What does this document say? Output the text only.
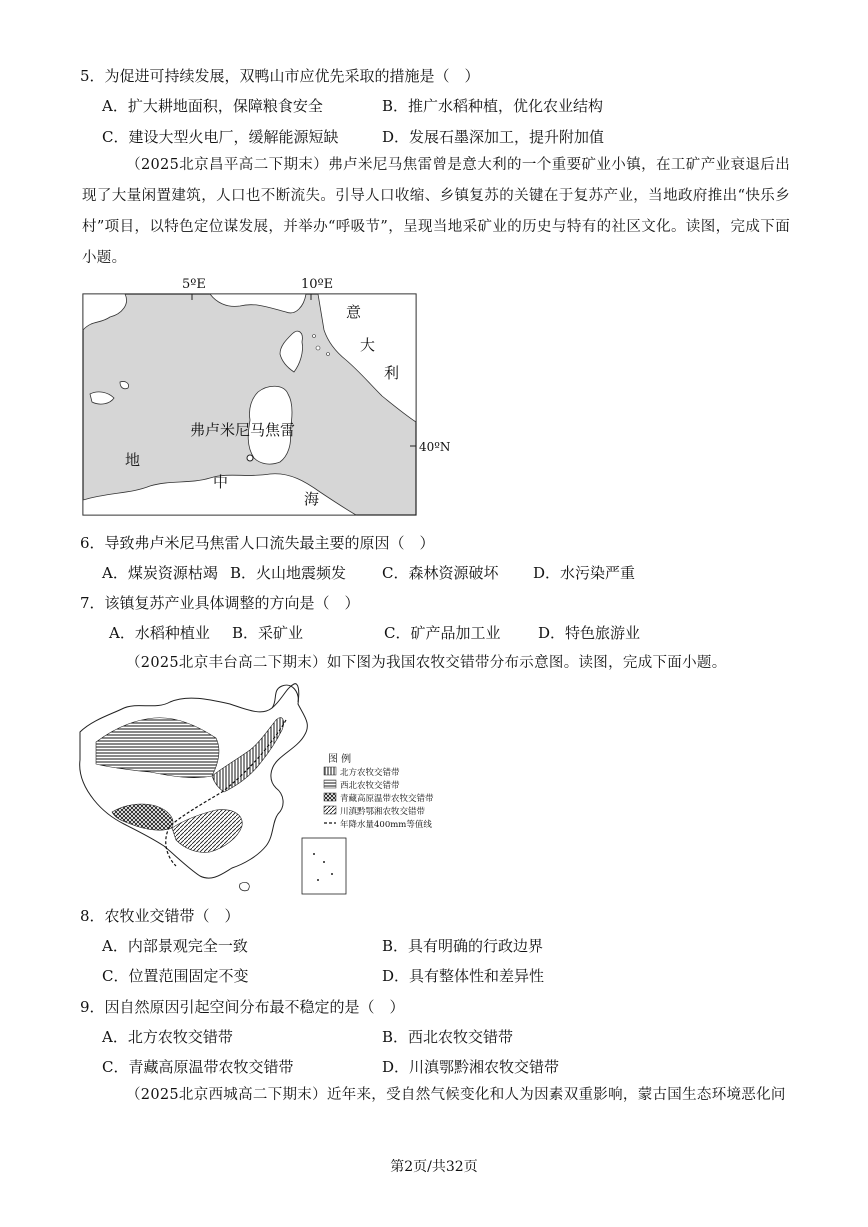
5．为促进可持续发展，双鸭山市应优先采取的措施是（　）
A．扩大耕地面积，保障粮食安全	B．推广水稻种植，优化农业结构
C．建设大型火电厂，缓解能源短缺	D．发展石墨深加工，提升附加值
（2025北京昌平高二下期末）弗卢米尼马焦雷曾是意大利的一个重要矿业小镇，在工矿产业衰退后出现了大量闲置建筑，人口也不断流失。引导人口收缩、乡镇复苏的关键在于复苏产业，当地政府推出“快乐乡村”项目，以特色定位谋发展，并举办“呼吸节”，呈现当地采矿业的历史与特有的社区文化。读图，完成下面小题。
5ºE	10ºE
弗卢米尼马焦雷
意
大
利
地
中
海
40ºN
6．导致弗卢米尼马焦雷人口流失最主要的原因（　）
A．煤炭资源枯竭 B．火山地震频发 C．森林资源破坏 D．水污染严重
7．该镇复苏产业具体调整的方向是（　）
A．水稻种植业 B．采矿业	C．矿产品加工业	D．特色旅游业
（2025北京丰台高二下期末）如下图为我国农牧交错带分布示意图。读图，完成下面小题。
图 例
北方农牧交错带
西北农牧交错带
青藏高原温带农牧交错带
川滇黔鄂湘农牧交错带
年降水量400mm等值线
8．农牧业交错带（　）
A．内部景观完全一致	B．具有明确的行政边界
C．位置范围固定不变	D．具有整体性和差异性
9．因自然原因引起空间分布最不稳定的是（　）
A．北方农牧交错带	B．西北农牧交错带
C．青藏高原温带农牧交错带	D．川滇鄂黔湘农牧交错带
（2025北京西城高二下期末）近年来，受自然气候变化和人为因素双重影响，蒙古国生态环境恶化问
第2页/共32页
